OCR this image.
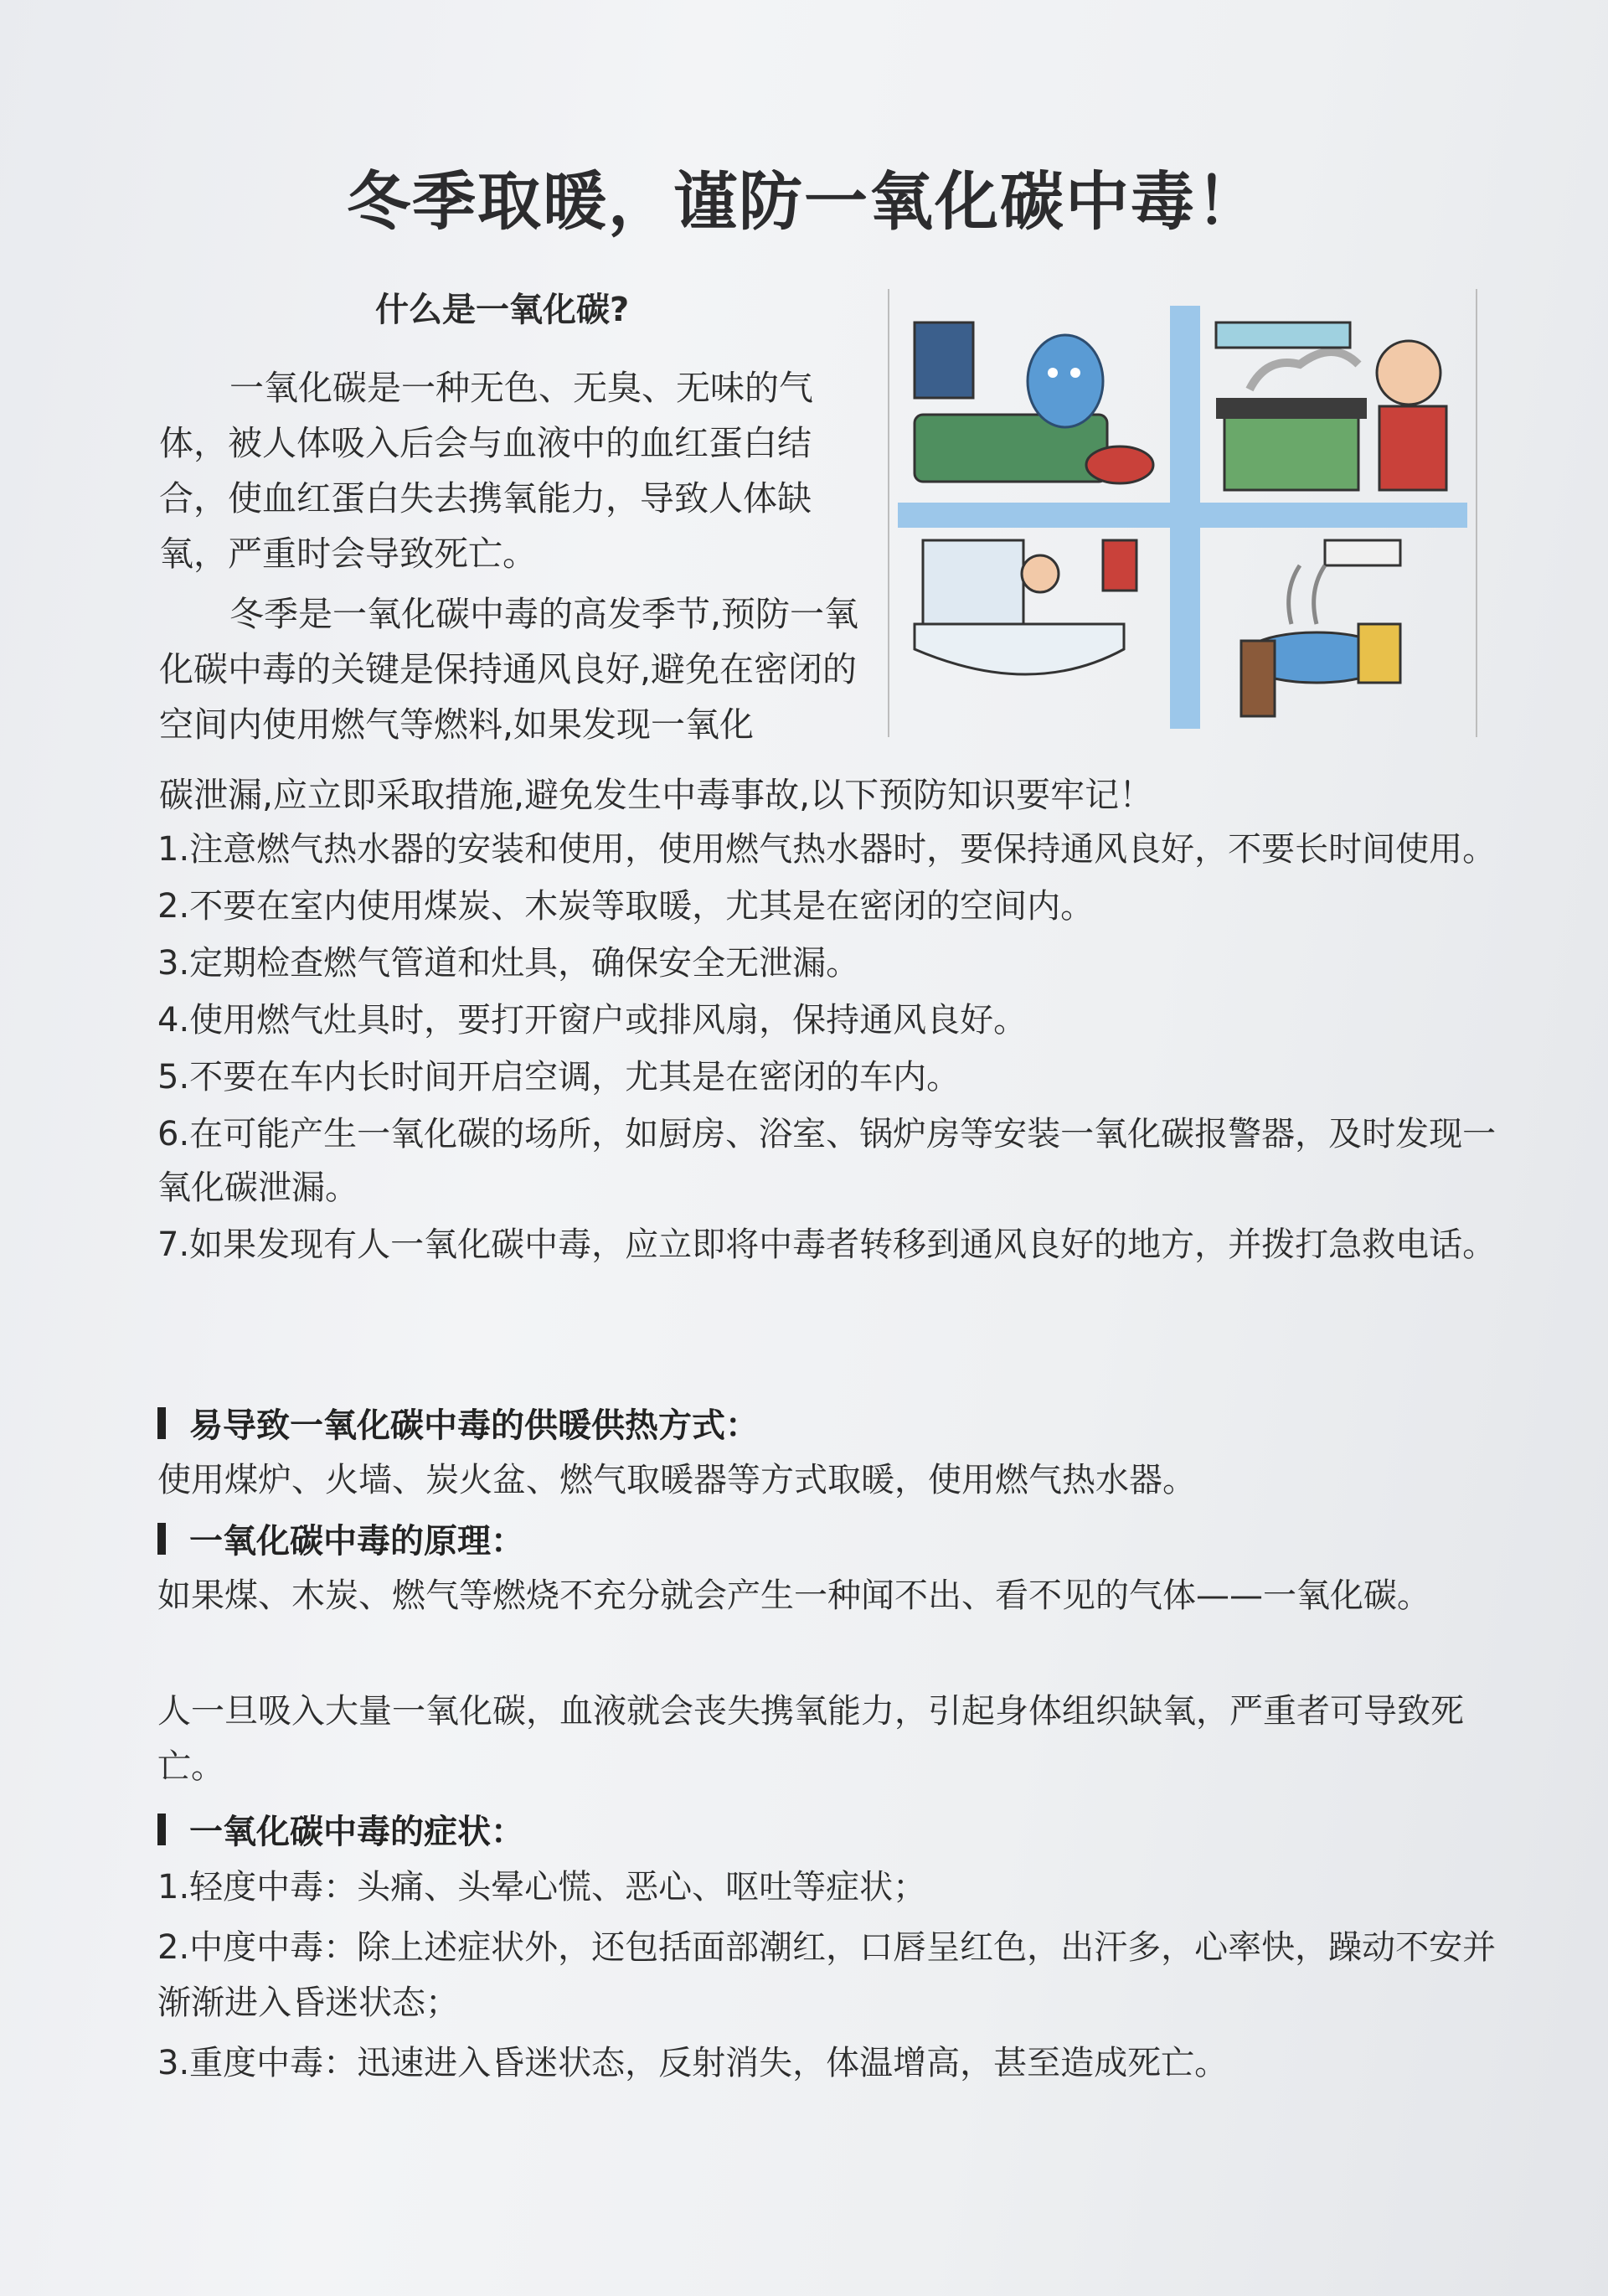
冬季取暖，谨防一氧化碳中毒！
什么是一氧化碳?
一氧化碳是一种无色、无臭、无味的气体，被人体吸入后会与血液中的血红蛋白结合，使血红蛋白失去携氧能力，导致人体缺氧，严重时会导致死亡。
冬季是一氧化碳中毒的高发季节,预防一氧化碳中毒的关键是保持通风良好,避免在密闭的空间内使用燃气等燃料,如果发现一氧化
碳泄漏,应立即采取措施,避免发生中毒事故,以下预防知识要牢记！
1.注意燃气热水器的安装和使用，使用燃气热水器时，要保持通风良好，不要长时间使用。
2.不要在室内使用煤炭、木炭等取暖，尤其是在密闭的空间内。
3.定期检查燃气管道和灶具，确保安全无泄漏。
4.使用燃气灶具时，要打开窗户或排风扇，保持通风良好。
5.不要在车内长时间开启空调，尤其是在密闭的车内。
6.在可能产生一氧化碳的场所，如厨房、浴室、锅炉房等安装一氧化碳报警器，及时发现一氧化碳泄漏。
7.如果发现有人一氧化碳中毒，应立即将中毒者转移到通风良好的地方，并拨打急救电话。
易导致一氧化碳中毒的供暖供热方式：
使用煤炉、火墙、炭火盆、燃气取暖器等方式取暖，使用燃气热水器。
一氧化碳中毒的原理：
如果煤、木炭、燃气等燃烧不充分就会产生一种闻不出、看不见的气体——一氧化碳。
人一旦吸入大量一氧化碳，血液就会丧失携氧能力，引起身体组织缺氧，严重者可导致死亡。
一氧化碳中毒的症状：
1.轻度中毒：头痛、头晕心慌、恶心、呕吐等症状；
2.中度中毒：除上述症状外，还包括面部潮红，口唇呈红色，出汗多，心率快，躁动不安并渐渐进入昏迷状态；
3.重度中毒：迅速进入昏迷状态，反射消失，体温增高，甚至造成死亡。
